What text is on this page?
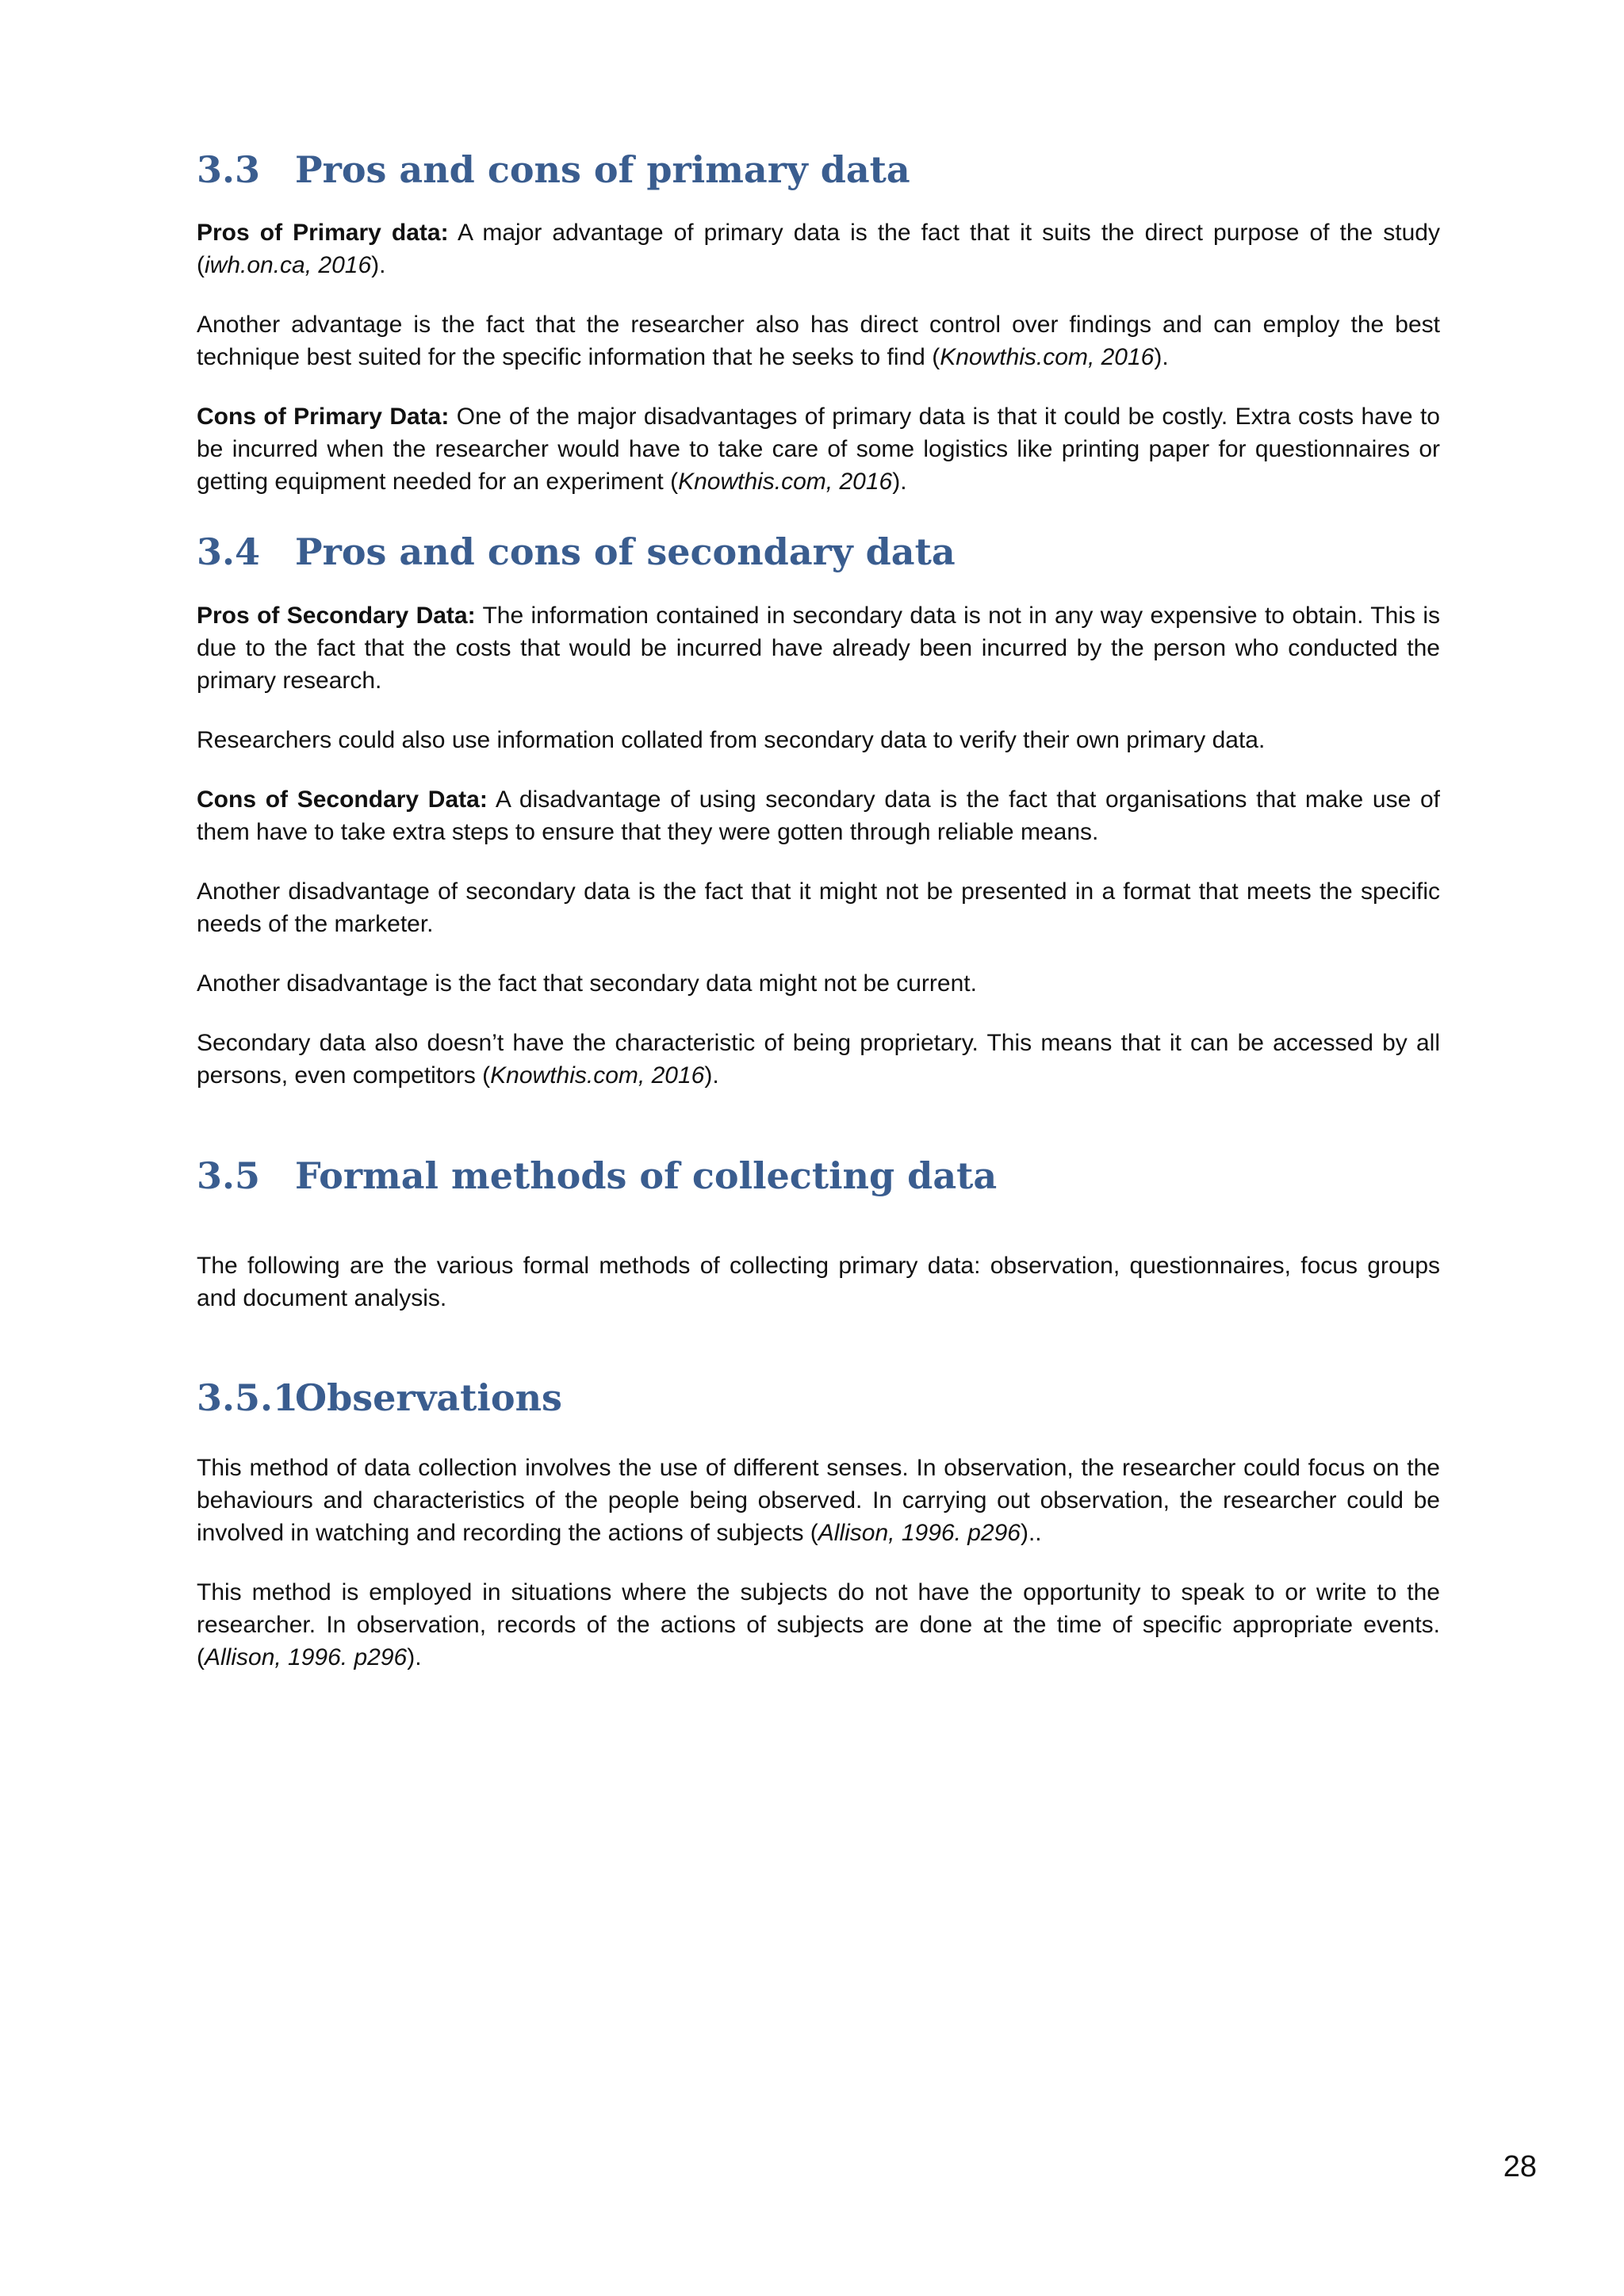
3.3 Pros and cons of primary data

Pros of Primary data: A major advantage of primary data is the fact that it suits the direct purpose of the study (iwh.on.ca, 2016).

Another advantage is the fact that the researcher also has direct control over findings and can employ the best technique best suited for the specific information that he seeks to find (Knowthis.com, 2016).

Cons of Primary Data: One of the major disadvantages of primary data is that it could be costly. Extra costs have to be incurred when the researcher would have to take care of some logistics like printing paper for questionnaires or getting equipment needed for an experiment (Knowthis.com, 2016).

3.4 Pros and cons of secondary data

Pros of Secondary Data: The information contained in secondary data is not in any way expensive to obtain. This is due to the fact that the costs that would be incurred have already been incurred by the person who conducted the primary research.

Researchers could also use information collated from secondary data to verify their own primary data.

Cons of Secondary Data: A disadvantage of using secondary data is the fact that organisations that make use of them have to take extra steps to ensure that they were gotten through reliable means.

Another disadvantage of secondary data is the fact that it might not be presented in a format that meets the specific needs of the marketer.

Another disadvantage is the fact that secondary data might not be current.

Secondary data also doesn’t have the characteristic of being proprietary. This means that it can be accessed by all persons, even competitors (Knowthis.com, 2016).

3.5 Formal methods of collecting data

The following are the various formal methods of collecting primary data: observation, questionnaires, focus groups and document analysis.

3.5.1
Observations

This method of data collection involves the use of different senses. In observation, the researcher could focus on the behaviours and characteristics of the people being observed. In carrying out observation, the researcher could be involved in watching and recording the actions of subjects (Allison, 1996. p296)..

This method is employed in situations where the subjects do not have the opportunity to speak to or write to the researcher. In observation, records of the actions of subjects are done at the time of specific appropriate events. (Allison, 1996. p296).

28
